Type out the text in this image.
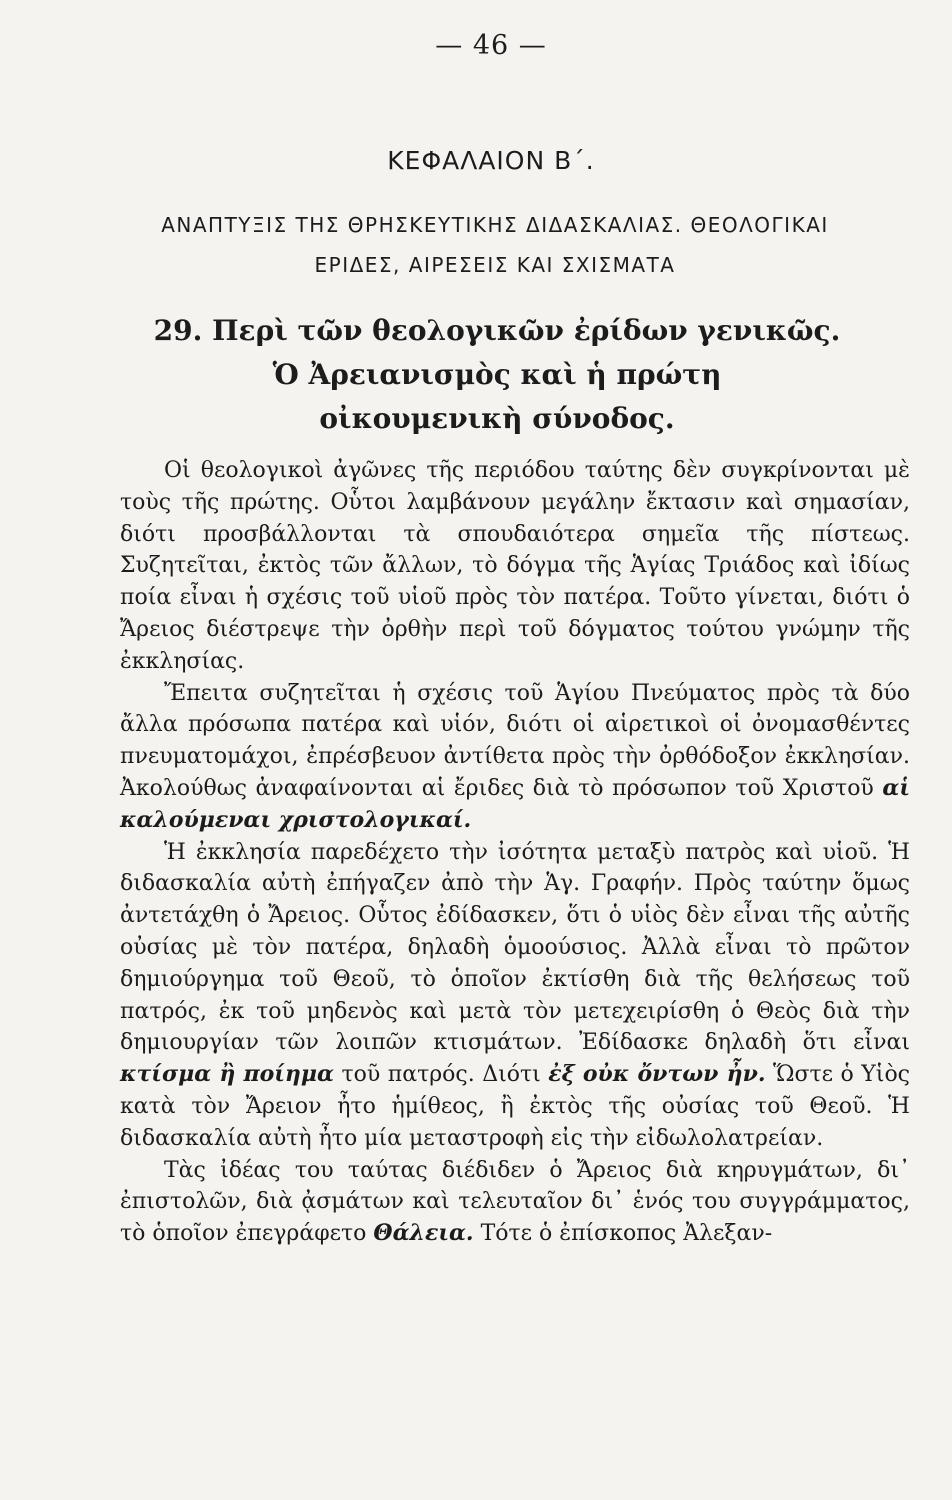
— 46 —
ΚΕΦΑΛΑΙΟΝ Β΄.
ΑΝΑΠΤΥΞΙΣ ΤΗΣ ΘΡΗΣΚΕΥΤΙΚΗΣ ΔΙΔΑΣΚΑΛΙΑΣ. ΘΕΟΛΟΓΙΚΑΙ
ΕΡΙΔΕΣ, ΑΙΡΕΣΕΙΣ ΚΑΙ ΣΧΙΣΜΑΤΑ
29. Περὶ τῶν θεολογικῶν ἐρίδων γενικῶς.
Ὁ Ἀρειανισμὸς καὶ ἡ πρώτη
οἰκουμενικὴ σύνοδος.

Οἱ θεολογικοὶ ἀγῶνες τῆς περιόδου ταύτης δὲν συγκρίνονται μὲ τοὺς τῆς πρώτης. Οὗτοι λαμβάνουν μεγάλην ἔκτασιν καὶ σημασίαν, διότι προσβάλλονται τὰ σπουδαιότερα σημεῖα τῆς πίστεως. Συζητεῖται, ἐκτὸς τῶν ἄλλων, τὸ δόγμα τῆς Ἁγίας Τριάδος καὶ ἰδίως ποία εἶναι ἡ σχέσις τοῦ υἱοῦ πρὸς τὸν πατέρα. Τοῦτο γίνεται, διότι ὁ Ἄρειος διέστρεψε τὴν ὀρθὴν περὶ τοῦ δόγματος τούτου γνώμην τῆς ἐκκλησίας.

Ἔπειτα συζητεῖται ἡ σχέσις τοῦ Ἁγίου Πνεύματος πρὸς τὰ δύο ἄλλα πρόσωπα πατέρα καὶ υἱόν, διότι οἱ αἱρετικοὶ οἱ ὀνομασθέντες πνευματομάχοι, ἐπρέσβευον ἀντίθετα πρὸς τὴν ὀρθόδοξον ἐκκλησίαν. Ἀκολούθως ἀναφαίνονται αἱ ἔριδες διὰ τὸ πρόσωπον τοῦ Χριστοῦ αἱ καλούμεναι χριστολογικαί.

Ἡ ἐκκλησία παρεδέχετο τὴν ἰσότητα μεταξὺ πατρὸς καὶ υἱοῦ. Ἡ διδασκαλία αὐτὴ ἐπήγαζεν ἀπὸ τὴν Ἁγ. Γραφήν. Πρὸς ταύτην ὅμως ἀντετάχθη ὁ Ἄρειος. Οὗτος ἐδίδασκεν, ὅτι ὁ υἱὸς δὲν εἶναι τῆς αὐτῆς οὐσίας μὲ τὸν πατέρα, δηλαδὴ ὁμοούσιος. Ἀλλὰ εἶναι τὸ πρῶτον δημιούργημα τοῦ Θεοῦ, τὸ ὁποῖον ἐκτίσθη διὰ τῆς θελήσεως τοῦ πατρός, ἐκ τοῦ μηδενὸς καὶ μετὰ τὸν μετεχειρίσθη ὁ Θεὸς διὰ τὴν δημιουργίαν τῶν λοιπῶν κτισμάτων. Ἐδίδασκε δηλαδὴ ὅτι εἶναι κτίσμα ἢ ποίημα τοῦ πατρός. Διότι ἐξ οὐκ ὄντων ἦν. Ὥστε ὁ Υἱὸς κατὰ τὸν Ἄρειον ἦτο ἡμίθεος, ἢ ἐκτὸς τῆς οὐσίας τοῦ Θεοῦ. Ἡ διδασκαλία αὐτὴ ἦτο μία μεταστροφὴ εἰς τὴν εἰδωλολατρείαν.

Τὰς ἰδέας του ταύτας διέδιδεν ὁ Ἄρειος διὰ κηρυγμάτων, δι᾽ ἐπιστολῶν, διὰ ᾀσμάτων καὶ τελευταῖον δι᾽ ἑνός του συγγράμματος, τὸ ὁποῖον ἐπεγράφετο Θάλεια. Τότε ὁ ἐπίσκοπος Ἀλεξαν-
